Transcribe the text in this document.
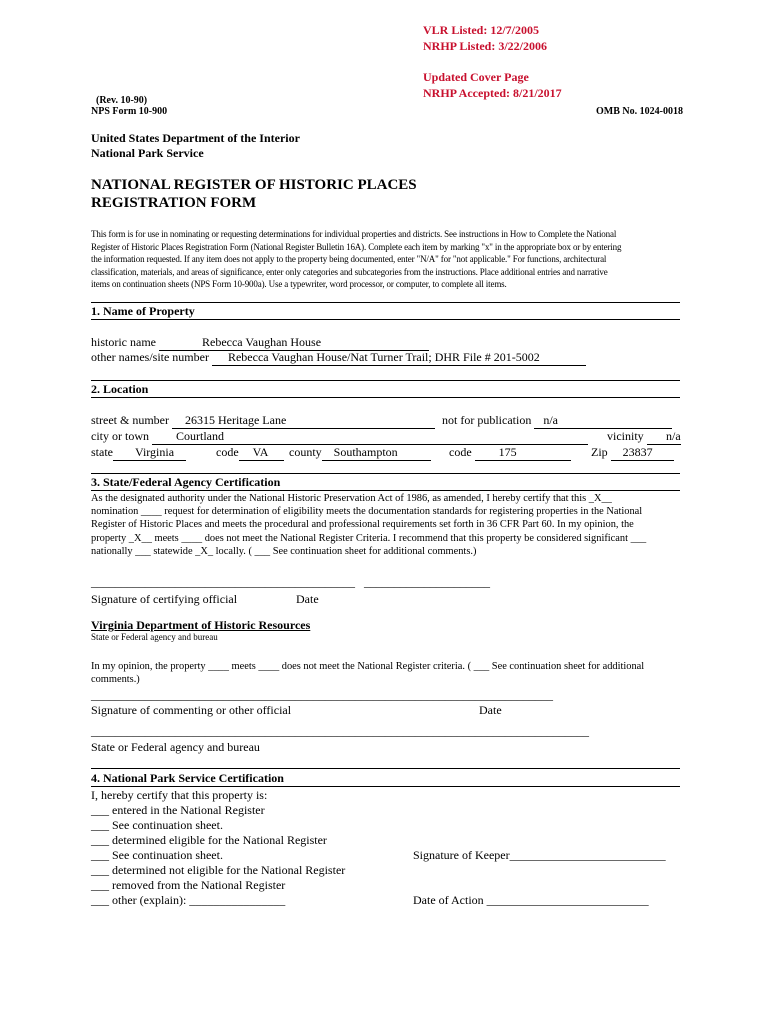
VLR Listed: 12/7/2005
NRHP Listed: 3/22/2006
Updated Cover Page
NRHP Accepted: 8/21/2017
(Rev. 10-90)
NPS Form 10-900	OMB No. 1024-0018
United States Department of the Interior
National Park Service
NATIONAL REGISTER OF HISTORIC PLACES
REGISTRATION FORM
This form is for use in nominating or requesting determinations for individual properties and districts. See instructions in How to Complete the National
Register of Historic Places Registration Form (National Register Bulletin 16A). Complete each item by marking "x" in the appropriate box or by entering
the information requested. If any item does not apply to the property being documented, enter "N/A" for "not applicable." For functions, architectural
classification, materials, and areas of significance, enter only categories and subcategories from the instructions. Place additional entries and narrative
items on continuation sheets (NPS Form 10-900a). Use a typewriter, word processor, or computer, to complete all items.
1. Name of Property
historic name	Rebecca Vaughan House
other names/site number Rebecca Vaughan House/Nat Turner Trail; DHR File # 201-5002
2. Location
street & number 26315 Heritage Lane	not for publication n/a
city or town Courtland	vicinity n/a
state Virginia	code VA	county Southampton	code 175	Zip 23837
3. State/Federal Agency Certification
As the designated authority under the National Historic Preservation Act of 1986, as amended, I hereby certify that this _X__
nomination ____ request for determination of eligibility meets the documentation standards for registering properties in the National
Register of Historic Places and meets the procedural and professional requirements set forth in 36 CFR Part 60. In my opinion, the
property _X__ meets ____ does not meet the National Register Criteria. I recommend that this property be considered significant ___
nationally ___ statewide _X_ locally. ( ___ See continuation sheet for additional comments.)
____________________________________________   _____________________
Signature of certifying official	Date
Virginia Department of Historic Resources
State or Federal agency and bureau
In my opinion, the property ____ meets ____ does not meet the National Register criteria. ( ___ See continuation sheet for additional
comments.)
_____________________________________________________________________________
Signature of commenting or other official	Date
___________________________________________________________________________________
State or Federal agency and bureau
4. National Park Service Certification
I, hereby certify that this property is:
___ entered in the National Register
___ See continuation sheet.
___ determined eligible for the National Register
___ See continuation sheet.
___ determined not eligible for the National Register
___ removed from the National Register
___ other (explain): ________________

Signature of Keeper__________________________

Date of Action ___________________________
